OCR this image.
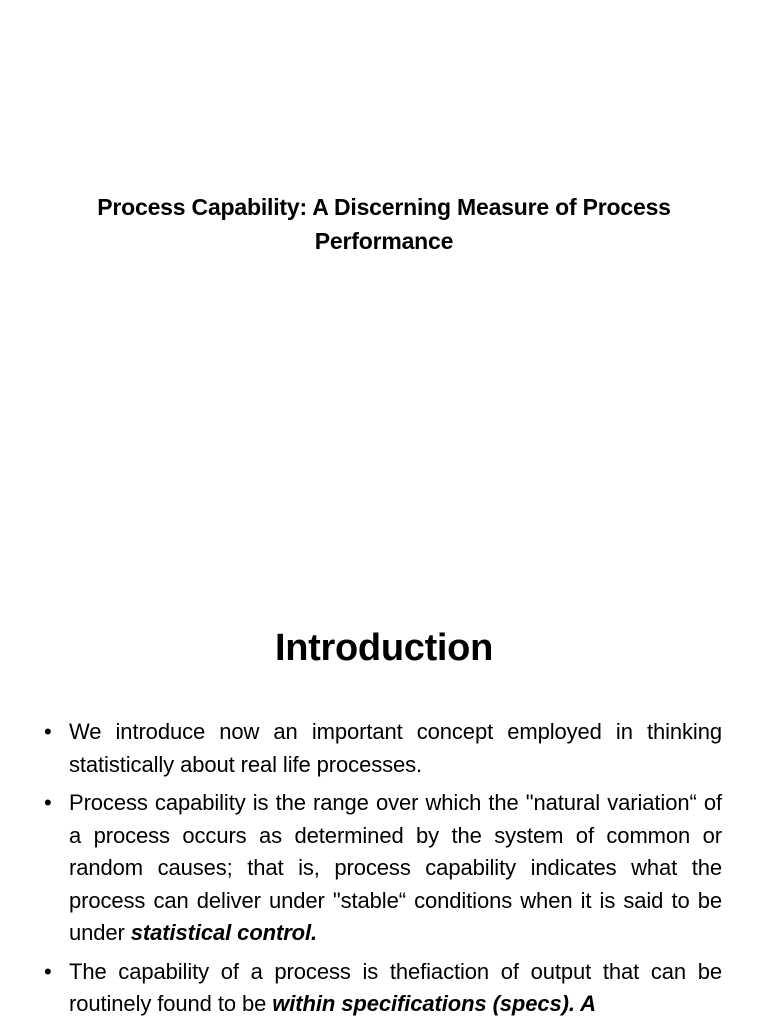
Process Capability: A Discerning Measure of Process Performance
Introduction
• We introduce now an important concept employed in thinking statistically about real life processes.
• Process capability is the range over which the "natural variation“ of a process occurs as determined by the system of common or random causes; that is, process capability indicates what the process can deliver under "stable“ conditions when it is said to be under statistical control.
• The capability of a process is thefiaction of output that can be routinely found to be within specifications (specs). A
